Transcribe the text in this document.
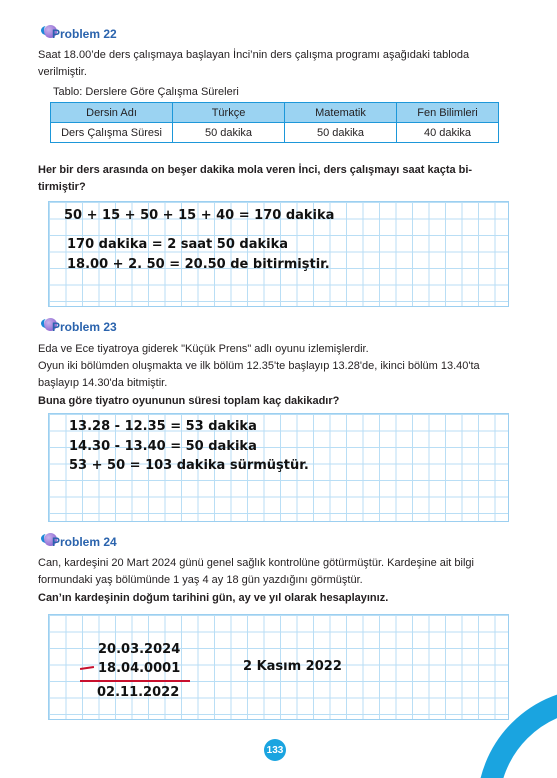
Problem 22
Saat 18.00’de ders çalışmaya başlayan İnci’nin ders çalışma programı aşağıdaki tabloda
verilmiştir.
Tablo: Derslere Göre Çalışma Süreleri
Dersin Adı	Türkçe	Matematik	Fen Bilimleri
Ders Çalışma Süresi	50 dakika	50 dakika	40 dakika
Her bir ders arasında on beşer dakika mola veren İnci, ders çalışmayı saat kaçta bi-
tirmiştir?
50 + 15 + 50 + 15 + 40 = 170 dakika
170 dakika = 2 saat 50 dakika
18.00 + 2. 50 = 20.50 de bitirmiştir.
Problem 23
Eda ve Ece tiyatroya giderek "Küçük Prens" adlı oyunu izlemişlerdir.
Oyun iki bölümden oluşmakta ve ilk bölüm 12.35'te başlayıp 13.28'de, ikinci bölüm 13.40'ta
başlayıp 14.30'da bitmiştir.
Buna göre tiyatro oyununun süresi toplam kaç dakikadır?
13.28 - 12.35 = 53 dakika
14.30 - 13.40 = 50 dakika
53 + 50 = 103 dakika sürmüştür.
Problem 24
Can, kardeşini 20 Mart 2024 günü genel sağlık kontrolüne götürmüştür. Kardeşine ait bilgi
formundaki yaş bölümünde 1 yaş 4 ay 18 gün yazdığını görmüştür.
Can’ın kardeşinin doğum tarihini gün, ay ve yıl olarak hesaplayınız.
20.03.2024
18.04.0001
02.11.2022
2 Kasım 2022
133
